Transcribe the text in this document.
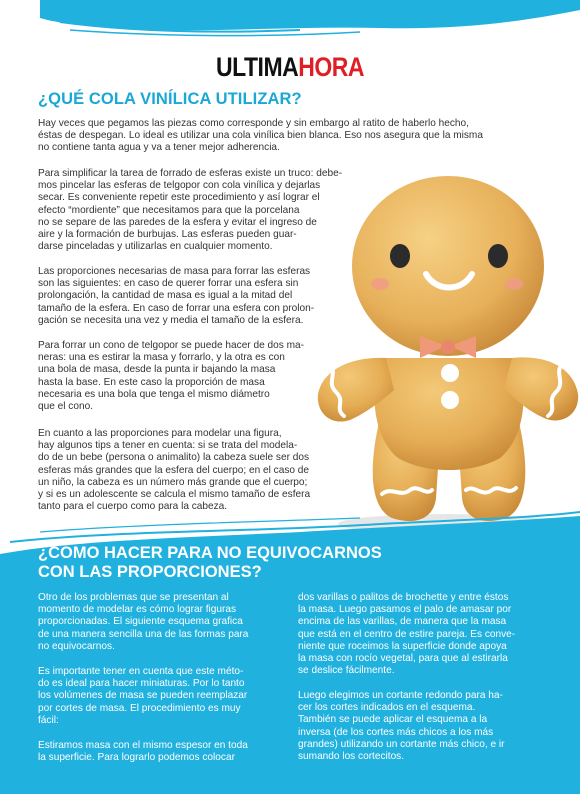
ULTIMAHORA
¿QUÉ COLA VINÍLICA UTILIZAR?

Hay veces que pegamos las piezas como corresponde y sin embargo al ratito de haberlo hecho,
éstas de despegan. Lo ideal es utilizar una cola vinílica bien blanca. Eso nos asegura que la misma
no contiene tanta agua y va a tener mejor adherencia.

Para simplificar la tarea de forrado de esferas existe un truco: debe-
mos pincelar las esferas de telgopor con cola vinílica y dejarlas
secar. Es conveniente repetir este procedimiento y así lograr el
efecto “mordiente” que necesitamos para que la porcelana
no se separe de las paredes de la esfera y evitar el ingreso de
aire y la formación de burbujas. Las esferas pueden guar-
darse pinceladas y utilizarlas en cualquier momento.

Las proporciones necesarias de masa para forrar las esferas
son las siguientes: en caso de querer forrar una esfera sin
prolongación, la cantidad de masa es igual a la mitad del
tamaño de la esfera. En caso de forrar una esfera con prolon-
gación se necesita una vez y media el tamaño de la esfera.

Para forrar un cono de telgopor se puede hacer de dos ma-
neras: una es estirar la masa y forrarlo, y la otra es con
una bola de masa, desde la punta ir bajando la masa
hasta la base. En este caso la proporción de masa
necesaria es una bola que tenga el mismo diámetro
que el cono.

En cuanto a las proporciones para modelar una figura,
hay algunos tips a tener en cuenta: si se trata del modela-
do de un bebe (persona o animalito) la cabeza suele ser dos
esferas más grandes que la esfera del cuerpo; en el caso de
un niño, la cabeza es un número más grande que el cuerpo;
y si es un adolescente se calcula el mismo tamaño de esfera
tanto para el cuerpo como para la cabeza.

¿CÓMO HACER PARA NO EQUIVOCARNOS
CON LAS PROPORCIONES?

Otro de los problemas que se presentan al
momento de modelar es cómo lograr figuras
proporcionadas. El siguiente esquema grafica
de una manera sencilla una de las formas para
no equivocarnos.

Es importante tener en cuenta que este méto-
do es ideal para hacer miniaturas. Por lo tanto
los volúmenes de masa se pueden reemplazar
por cortes de masa. El procedimiento es muy
fácil:

Estiramos masa con el mismo espesor en toda
la superficie. Para lograrlo podemos colocar

dos varillas o palitos de brochette y entre éstos
la masa. Luego pasamos el palo de amasar por
encima de las varillas, de manera que la masa
que está en el centro de estire pareja. Es conve-
niente que roceimos la superficie donde apoya
la masa con rocío vegetal, para que al estirarla
se deslice fácilmente.

Luego elegimos un cortante redondo para ha-
cer los cortes indicados en el esquema.
También se puede aplicar el esquema a la
inversa (de los cortes más chicos a los más
grandes) utilizando un cortante más chico, e ir
sumando los cortecitos.
